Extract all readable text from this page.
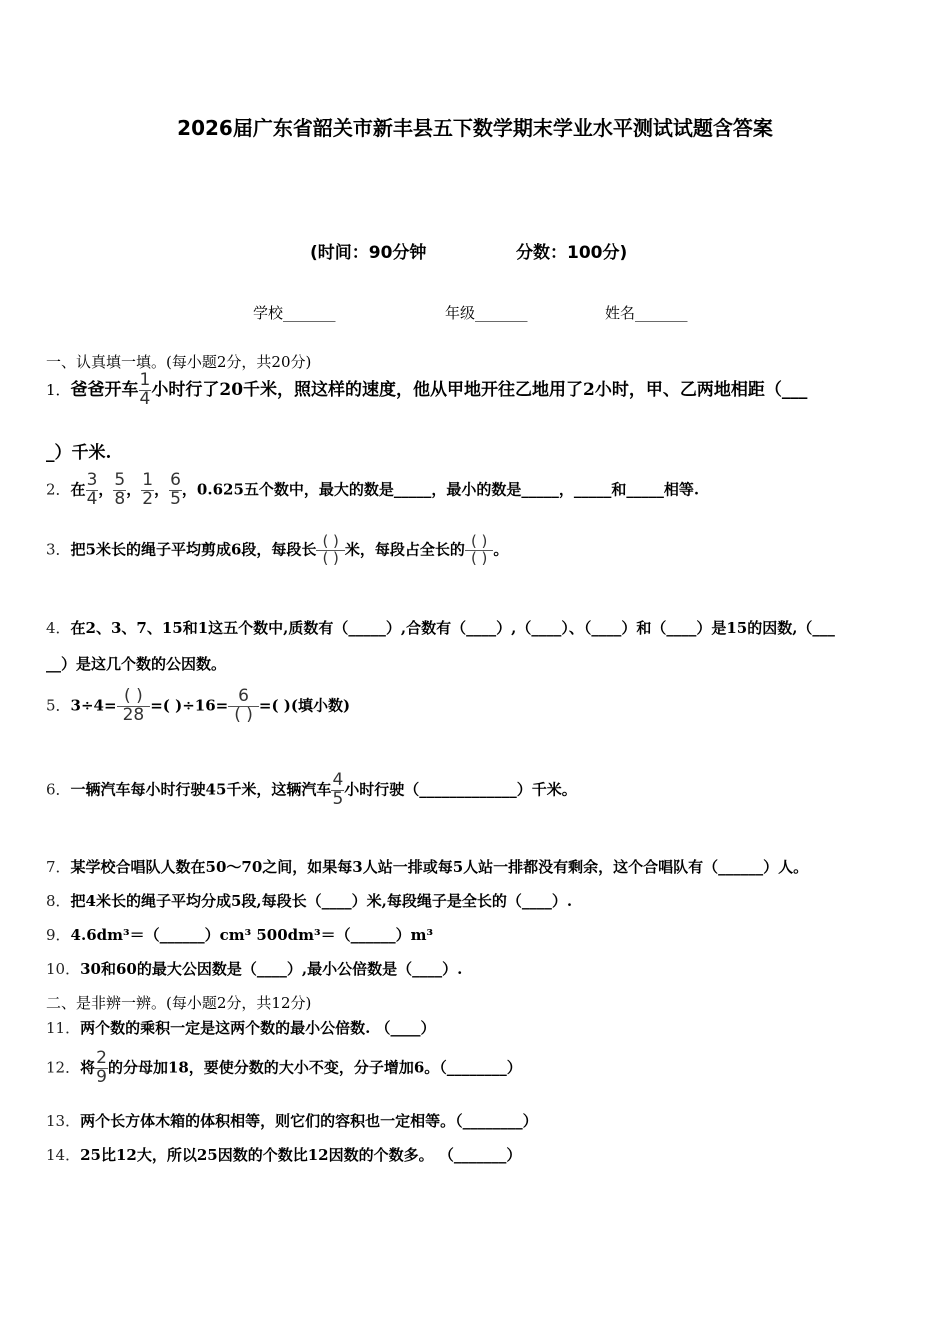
2026届广东省韶关市新丰县五下数学期末学业水平测试试题含答案
(时间：90分钟	分数：100分)
学校_______	年级_______	姓名_______
一、认真填一填。(每小题2分，共20分)
1．爸爸开车 $\frac{1}{4}$ 小时行了20千米，照这样的速度，他从甲地开往乙地用了2小时，甲、乙两地相距（___
_）千米.
2．在 $\frac{3}{4}$ ， $\frac{5}{8}$ ， $\frac{1}{2}$ ， $\frac{6}{5}$ ，0.625五个数中，最大的数是_____，最小的数是_____，_____和_____相等.
3．把5米长的绳子平均剪成6段，每段长 $\frac{( )}{( )}$ 米，每段占全长的 $\frac{( )}{( )}$ 。
4．在2、3、7、15和1这五个数中,质数有（_____）,合数有（____）,（____）、（____）和（____）是15的因数,（___
__）是这几个数的公因数。
5．$3\div 4= \frac{( )}{28}$ =( )$\div 16= \frac{6}{( )}$ =( )(填小数)
6．一辆汽车每小时行驶45千米，这辆汽车 $\frac{4}{5}$ 小时行驶（_____________）千米。
7．某学校合唱队人数在50～70之间，如果每3人站一排或每5人站一排都没有剩余，这个合唱队有（______）人。
8．把4米长的绳子平均分成5段,每段长（____）米,每段绳子是全长的（____）.
9．4.6dm³＝（______）cm³ 500dm³＝（______）m³
10．30和60的最大公因数是（____）,最小公倍数是（____）.
二、是非辨一辨。(每小题2分，共12分)
11．两个数的乘积一定是这两个数的最小公倍数. （____）
12．将 $\frac{2}{9}$ 的分母加18，要使分数的大小不变，分子增加6。（________）
13．两个长方体木箱的体积相等，则它们的容积也一定相等。（________）
14．25比12大，所以25因数的个数比12因数的个数多。 （_______）
